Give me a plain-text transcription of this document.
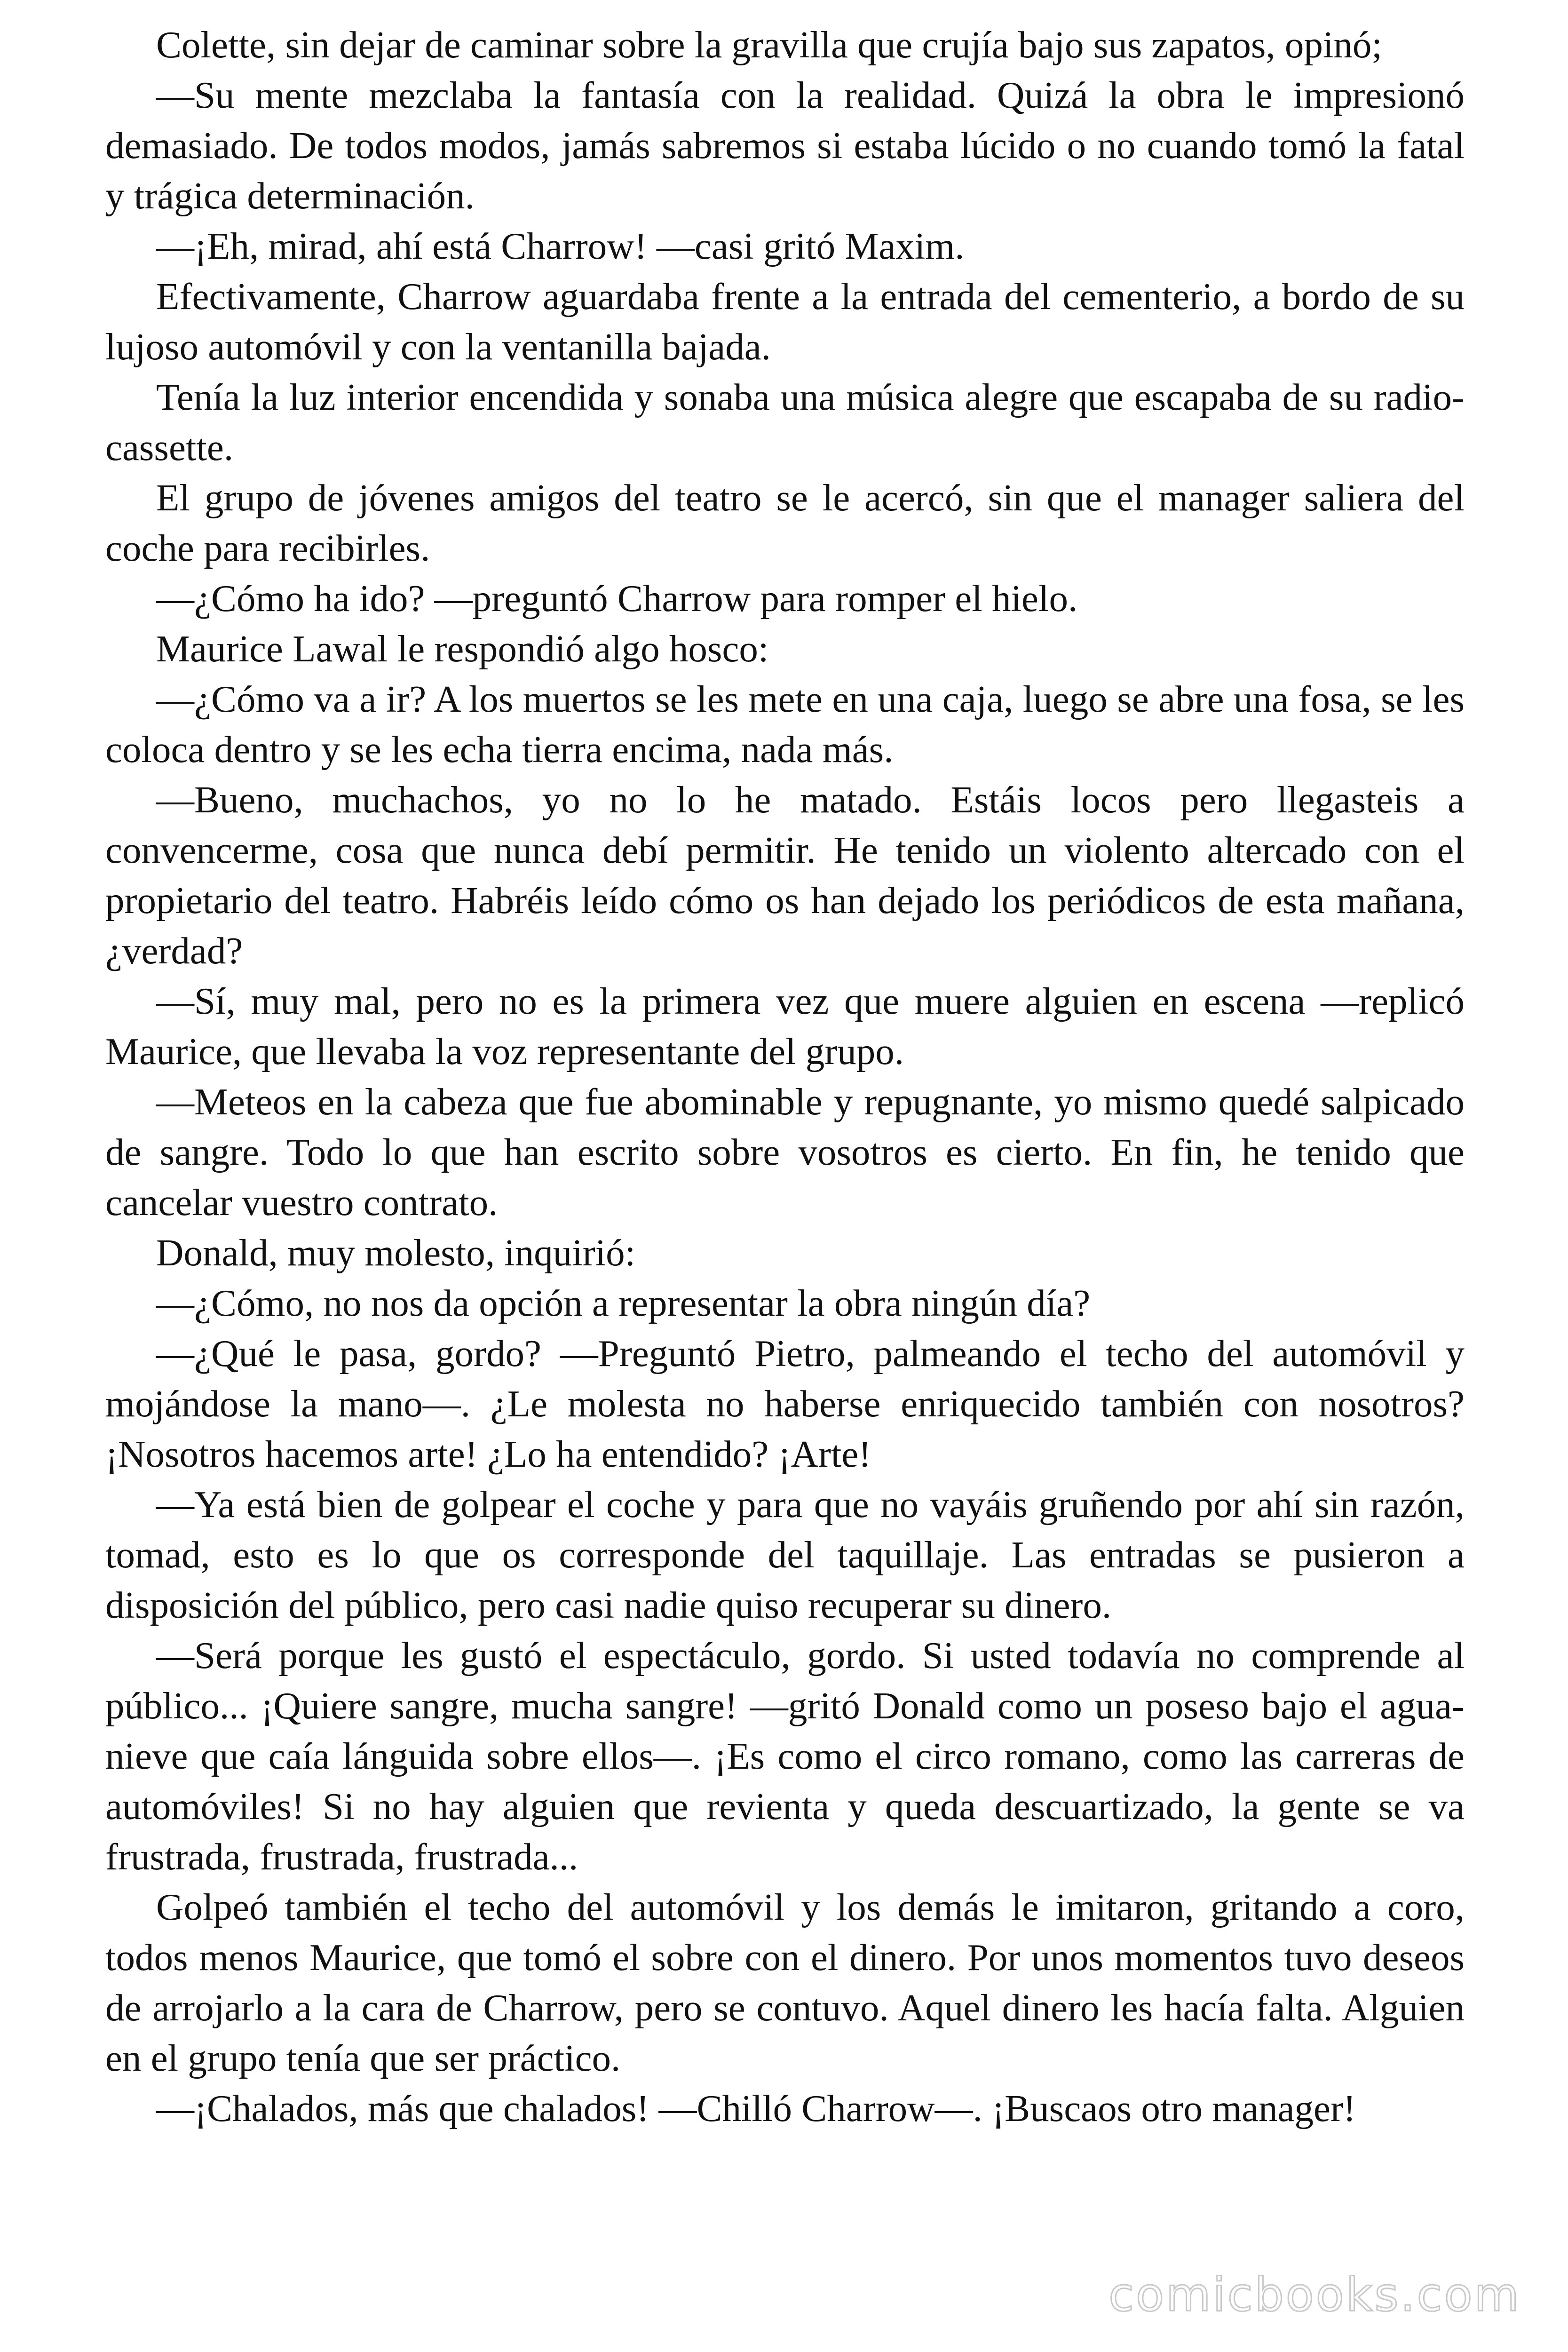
Colette, sin dejar de caminar sobre la gravilla que crujía bajo sus zapatos, opinó;

—Su mente mezclaba la fantasía con la realidad. Quizá la obra le impresionó demasiado. De todos modos, jamás sabremos si estaba lúcido o no cuando tomó la fatal y trágica determinación.

—¡Eh, mirad, ahí está Charrow! —casi gritó Maxim.

Efectivamente, Charrow aguardaba frente a la entrada del cementerio, a bordo de su lujoso automóvil y con la ventanilla bajada.

Tenía la luz interior encendida y sonaba una música alegre que escapaba de su radio-cassette.

El grupo de jóvenes amigos del teatro se le acercó, sin que el manager saliera del coche para recibirles.

—¿Cómo ha ido? —preguntó Charrow para romper el hielo.

Maurice Lawal le respondió algo hosco:

—¿Cómo va a ir? A los muertos se les mete en una caja, luego se abre una fosa, se les coloca dentro y se les echa tierra encima, nada más.

—Bueno, muchachos, yo no lo he matado. Estáis locos pero llegasteis a convencerme, cosa que nunca debí permitir. He tenido un violento altercado con el propietario del teatro. Habréis leído cómo os han dejado los periódicos de esta mañana, ¿verdad?

—Sí, muy mal, pero no es la primera vez que muere alguien en escena —replicó Maurice, que llevaba la voz representante del grupo.

—Meteos en la cabeza que fue abominable y repugnante, yo mismo quedé salpicado de sangre. Todo lo que han escrito sobre vosotros es cierto. En fin, he tenido que cancelar vuestro contrato.

Donald, muy molesto, inquirió:

—¿Cómo, no nos da opción a representar la obra ningún día?

—¿Qué le pasa, gordo? —Preguntó Pietro, palmeando el techo del automóvil y mojándose la mano—. ¿Le molesta no haberse enriquecido también con nosotros? ¡Nosotros hacemos arte! ¿Lo ha entendido? ¡Arte!

—Ya está bien de golpear el coche y para que no vayáis gruñendo por ahí sin razón, tomad, esto es lo que os corresponde del taquillaje. Las entradas se pusieron a disposición del público, pero casi nadie quiso recuperar su dinero.

—Será porque les gustó el espectáculo, gordo. Si usted todavía no comprende al público... ¡Quiere sangre, mucha sangre! —gritó Donald como un poseso bajo el agua-nieve que caía lánguida sobre ellos—. ¡Es como el circo romano, como las carreras de automóviles! Si no hay alguien que revienta y queda descuartizado, la gente se va frustrada, frustrada, frustrada...

Golpeó también el techo del automóvil y los demás le imitaron, gritando a coro, todos menos Maurice, que tomó el sobre con el dinero. Por unos momentos tuvo deseos de arrojarlo a la cara de Charrow, pero se contuvo. Aquel dinero les hacía falta. Alguien en el grupo tenía que ser práctico.

—¡Chalados, más que chalados! —Chilló Charrow—. ¡Buscaos otro manager!

comicbooks.com
